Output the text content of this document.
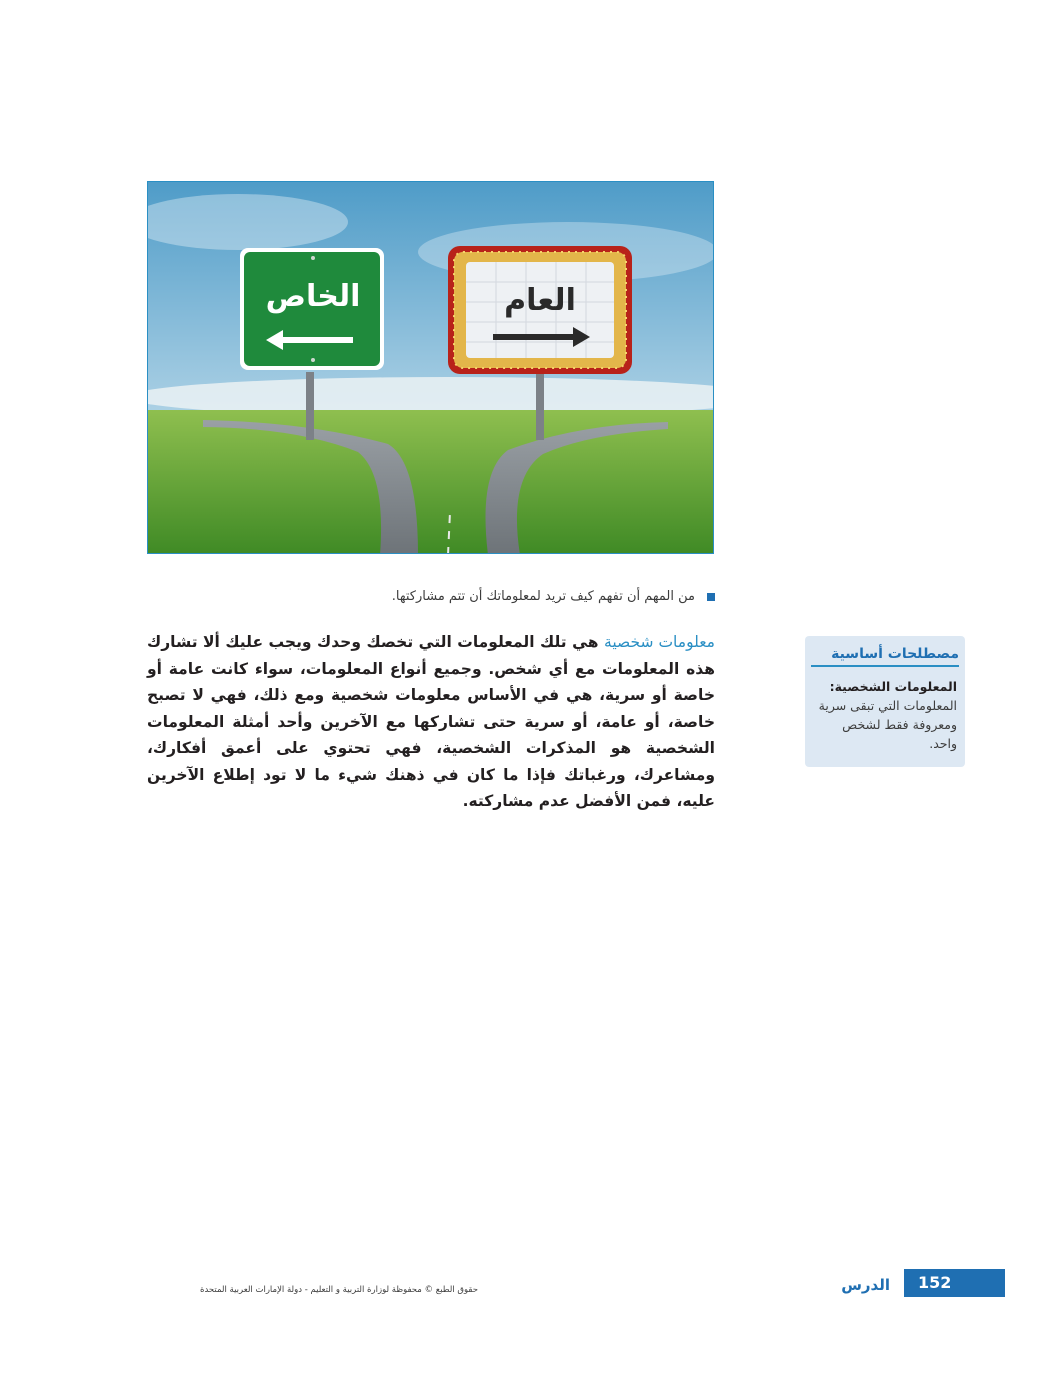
الخاص	العام
من المهم أن تفهم كيف تريد لمعلوماتك أن تتم مشاركتها.
معلومات شخصية هي تلك المعلومات التي تخصك وحدك ويجب عليك ألا تشارك هذه المعلومات مع أي شخص. وجميع أنواع المعلومات، سواء كانت عامة أو خاصة أو سرية، هي في الأساس معلومات شخصية ومع ذلك، فهي لا تصبح خاصة، أو عامة، أو سرية حتى تشاركها مع الآخرين وأحد أمثلة المعلومات الشخصية هو المذكرات الشخصية، فهي تحتوي على أعمق أفكارك، ومشاعرك، ورغباتك فإذا ما كان في ذهنك شيء ما لا تود إطلاع الآخرين عليه، فمن الأفضل عدم مشاركته.
مصطلحات أساسية
المعلومات الشخصية:
المعلومات التي تبقى سرية ومعروفة فقط لشخص واحد.
152
الدرس
حقوق الطبع © محفوظة لوزارة التربية و التعليم - دولة الإمارات العربية المتحدة
